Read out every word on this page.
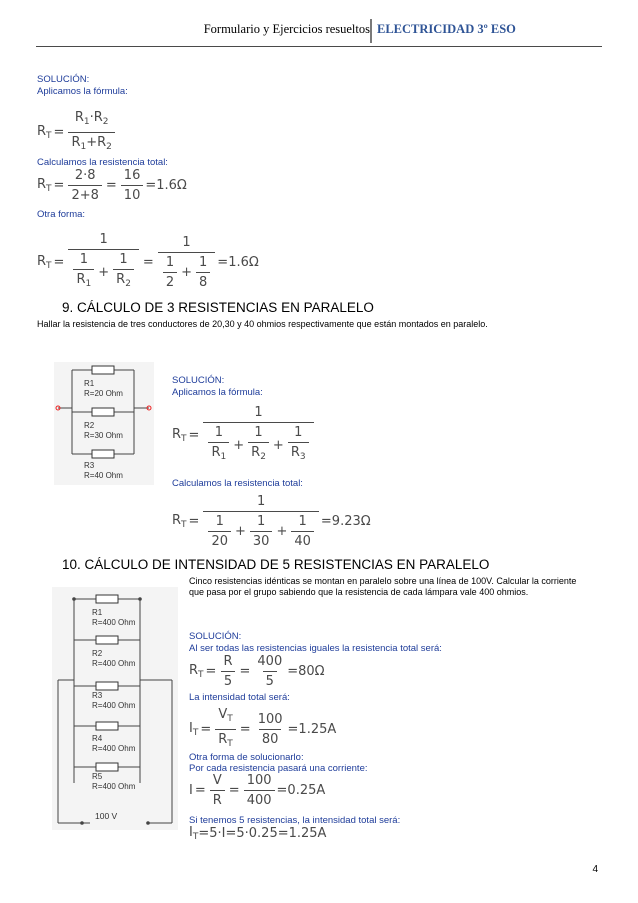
Formulario y Ejercicios resueltos ELECTRICIDAD 3º ESO
SOLUCIÓN:
Aplicamos la fórmula:
$R_T = \frac{R_1\cdot R_2}{R_1+R_2}$
Calculamos la resistencia total:
$R_T = \frac{2\cdot 8}{2+8} = \frac{16}{10} =1.6\Omega$
Otra forma:
$R_T = \frac{1}{\frac{1}{R_1} + \frac{1}{R_2}} = \frac{1}{\frac{1}{2} + \frac{1}{8}} =1.6\Omega$
9. CÁLCULO DE 3 RESISTENCIAS EN PARALELO
Hallar la resistencia de tres conductores de 20,30 y 40 ohmios respectivamente que están montados en paralelo.
R1
R=20 Ohm
R2
R=30 Ohm
R3
R=40 Ohm
SOLUCIÓN:
Aplicamos la fórmula:
$R_T = \frac{1}{\frac{1}{R_1} + \frac{1}{R_2} + \frac{1}{R_3}}$
Calculamos la resistencia total:
$R_T = \frac{1}{\frac{1}{20} + \frac{1}{30} + \frac{1}{40}} =9.23\Omega$
10. CÁLCULO DE INTENSIDAD DE 5 RESISTENCIAS EN PARALELO
Cinco resistencias idénticas se montan en paralelo sobre una línea de 100V. Calcular la corriente que pasa por el grupo sabiendo que la resistencia de cada lámpara vale 400 ohmios.
R1
R=400 Ohm
R2
R=400 Ohm
R3
R=400 Ohm
R4
R=400 Ohm
R5
R=400 Ohm
100 V
SOLUCIÓN:
Al ser todas las resistencias iguales la resistencia total será:
$R_T = \frac{R}{5} = \frac{400}{5} =80\Omega$
La intensidad total será:
$I_T = \frac{V_T}{R_T} = \frac{100}{80} =1.25A$
Otra forma de solucionarlo:
Por cada resistencia pasará una corriente:
$I = \frac{V}{R} = \frac{100}{400} =0.25A$
Si tenemos 5 resistencias, la intensidad total será:
$I_T =5\cdot I=5\cdot 0.25=1.25A$
4
